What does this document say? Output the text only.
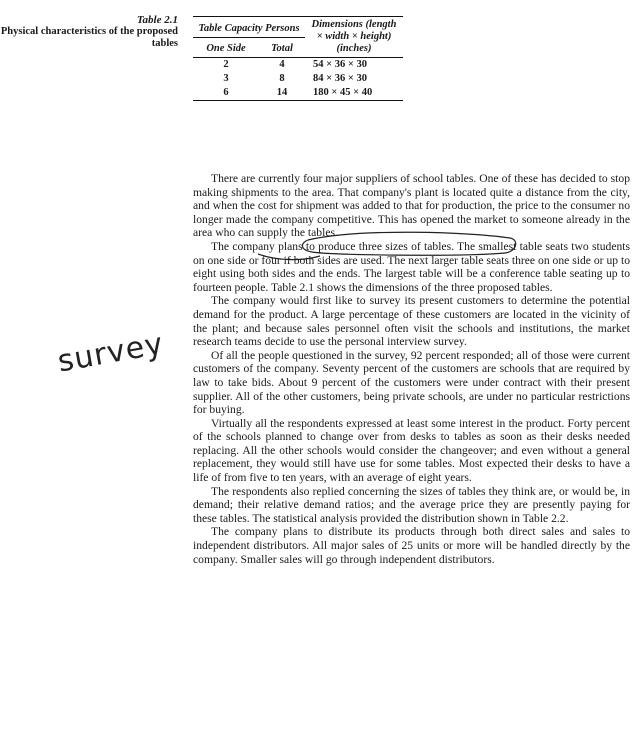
Table 2.1
Physical characteristics of the proposed tables
Table Capacity Persons		Dimensions (length × width × height) (inches)
One Side	Total	
2	4	54 × 36 × 30
3	8	84 × 36 × 30
6	14	180 × 45 × 40
survey

There are currently four major suppliers of school tables. One of these has decided to stop making shipments to the area. That company's plant is located quite a distance from the city, and when the cost for shipment was added to that for production, the price to the consumer no longer made the company competitive. This has opened the market to someone already in the area who can supply the tables.

The company plans to produce three sizes of tables. The smallest table seats two students on one side or four if both sides are used. The next larger table seats three on one side or up to eight using both sides and the ends. The largest table will be a conference table seating up to fourteen people. Table 2.1 shows the dimensions of the three proposed tables.

The company would first like to survey its present customers to determine the potential demand for the product. A large percentage of these customers are located in the vicinity of the plant; and because sales personnel often visit the schools and institutions, the market research teams decide to use the personal interview survey.

Of all the people questioned in the survey, 92 percent responded; all of those were current customers of the company. Seventy percent of the customers are schools that are required by law to take bids. About 9 percent of the customers were under contract with their present supplier. All of the other customers, being private schools, are under no particular restrictions for buying.

Virtually all the respondents expressed at least some interest in the product. Forty percent of the schools planned to change over from desks to tables as soon as their desks needed replacing. All the other schools would consider the changeover; and even without a general replacement, they would still have use for some tables. Most expected their desks to have a life of from five to ten years, with an average of eight years.

The respondents also replied concerning the sizes of tables they think are, or would be, in demand; their relative demand ratios; and the average price they are presently paying for these tables. The statistical analysis provided the distribution shown in Table 2.2.

The company plans to distribute its products through both direct sales and sales to independent distributors. All major sales of 25 units or more will be handled directly by the company. Smaller sales will go through independent distributors.
